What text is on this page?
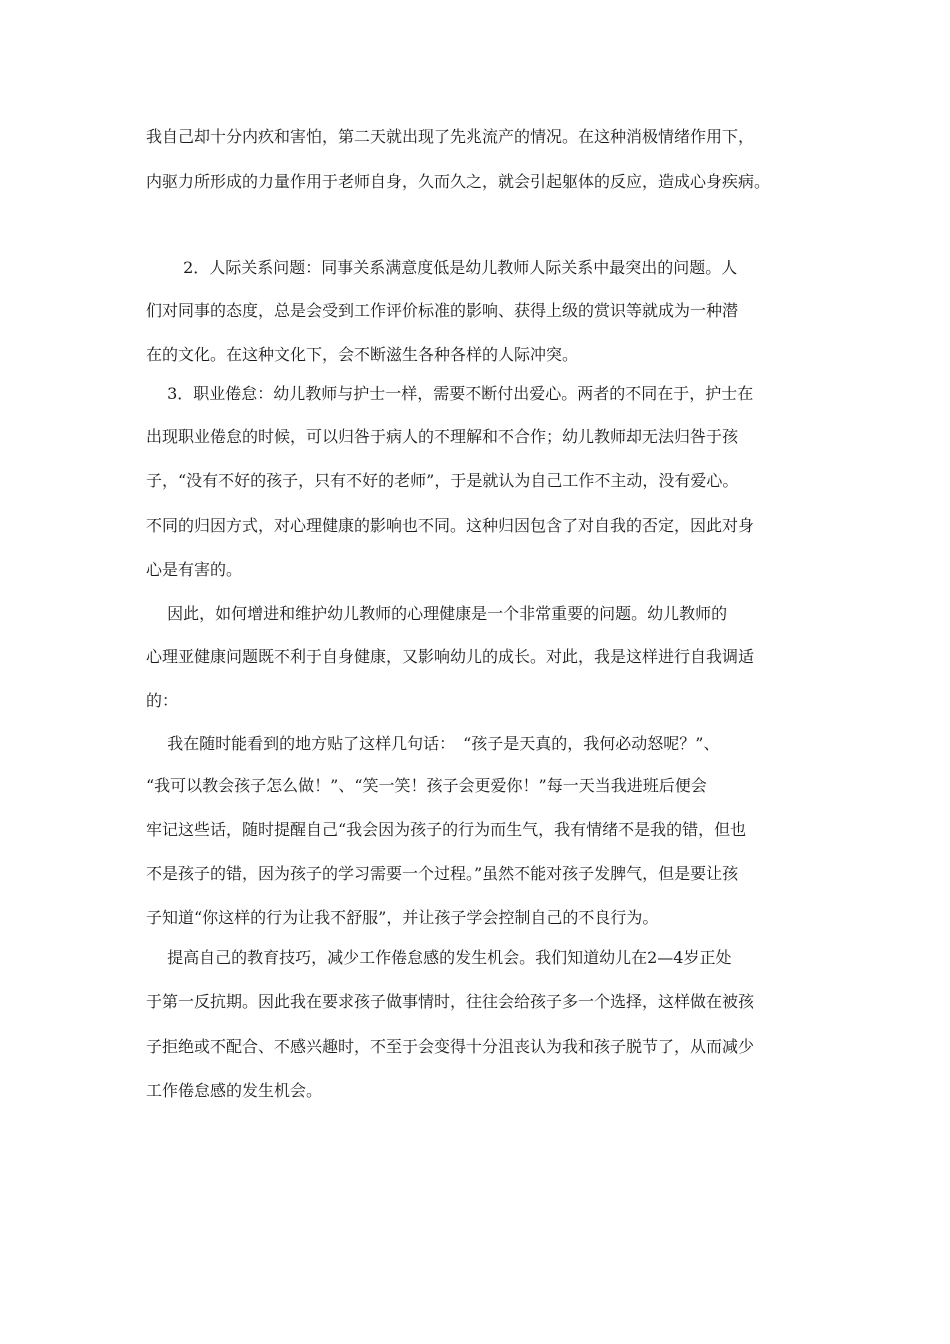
我自己却十分内疚和害怕，第二天就出现了先兆流产的情况。在这种消极情绪作用下，
内驱力所形成的力量作用于老师自身，久而久之，就会引起躯体的反应，造成心身疾病。
　　 2．人际关系问题：同事关系满意度低是幼儿教师人际关系中最突出的问题。人
们对同事的态度，总是会受到工作评价标准的影响、获得上级的赏识等就成为一种潜
在的文化。在这种文化下，会不断滋生各种各样的人际冲突。
　 3．职业倦怠：幼儿教师与护士一样，需要不断付出爱心。两者的不同在于，护士在
出现职业倦怠的时候，可以归咎于病人的不理解和不合作；幼儿教师却无法归咎于孩
子，“没有不好的孩子，只有不好的老师”，于是就认为自己工作不主动，没有爱心。
不同的归因方式，对心理健康的影响也不同。这种归因包含了对自我的否定，因此对身
心是有害的。
　 因此，如何增进和维护幼儿教师的心理健康是一个非常重要的问题。幼儿教师的
心理亚健康问题既不利于自身健康，又影响幼儿的成长。对此，我是这样进行自我调适
的：
　 我在随时能看到的地方贴了这样几句话：　“孩子是天真的，我何必动怒呢？”、
“我可以教会孩子怎么做！”、“笑一笑！孩子会更爱你！”每一天当我进班后便会
牢记这些话，随时提醒自己“我会因为孩子的行为而生气，我有情绪不是我的错，但也
不是孩子的错，因为孩子的学习需要一个过程。”虽然不能对孩子发脾气，但是要让孩
子知道“你这样的行为让我不舒服”，并让孩子学会控制自己的不良行为。
　 提高自己的教育技巧，减少工作倦怠感的发生机会。我们知道幼儿在2—4岁正处
于第一反抗期。因此我在要求孩子做事情时，往往会给孩子多一个选择，这样做在被孩
子拒绝或不配合、不感兴趣时，不至于会变得十分沮丧认为我和孩子脱节了，从而减少
工作倦怠感的发生机会。
